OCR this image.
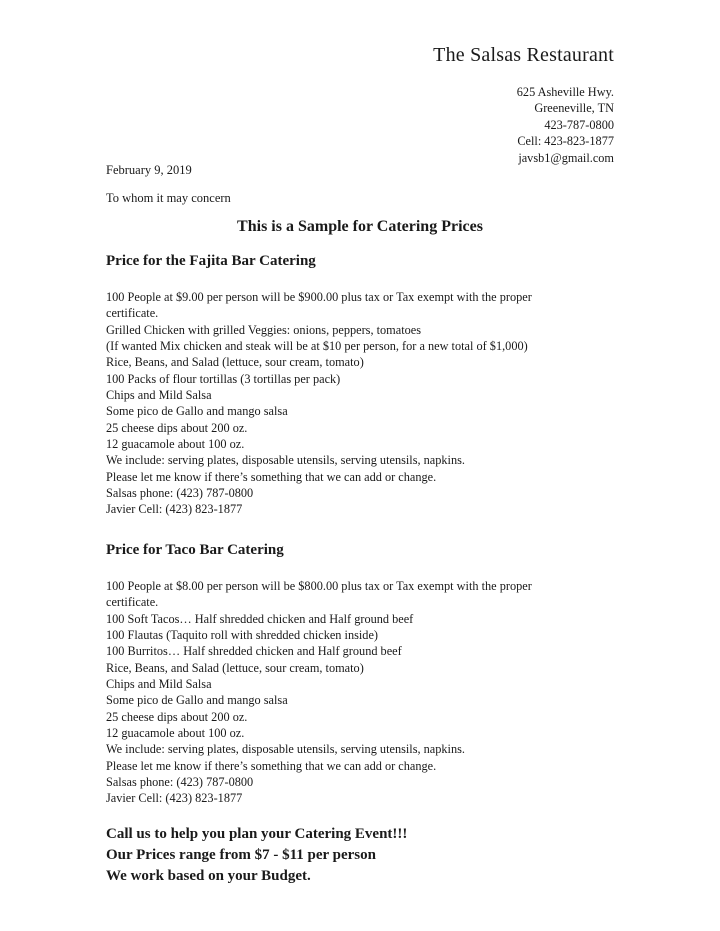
The Salsas Restaurant
625 Asheville Hwy.
Greeneville, TN
423-787-0800
Cell: 423-823-1877
javsb1@gmail.com
February 9, 2019
To whom it may concern
This is a Sample for Catering Prices
Price for the Fajita Bar Catering
100 People at $9.00 per person will be $900.00 plus tax or Tax exempt with the proper
certificate.
Grilled Chicken with grilled Veggies: onions, peppers, tomatoes
(If wanted Mix chicken and steak will be at $10 per person, for a new total of $1,000)
Rice, Beans, and Salad (lettuce, sour cream, tomato)
100 Packs of flour tortillas (3 tortillas per pack)
Chips and Mild Salsa
Some pico de Gallo and mango salsa
25 cheese dips about 200 oz.
12 guacamole about 100 oz.
We include: serving plates, disposable utensils, serving utensils, napkins.
Please let me know if there’s something that we can add or change.
Salsas phone: (423) 787-0800
Javier Cell: (423) 823-1877
Price for Taco Bar Catering
100 People at $8.00 per person will be $800.00 plus tax or Tax exempt with the proper
certificate.
100 Soft Tacos… Half shredded chicken and Half ground beef
100 Flautas (Taquito roll with shredded chicken inside)
100 Burritos… Half shredded chicken and Half ground beef
Rice, Beans, and Salad (lettuce, sour cream, tomato)
Chips and Mild Salsa
Some pico de Gallo and mango salsa
25 cheese dips about 200 oz.
12 guacamole about 100 oz.
We include: serving plates, disposable utensils, serving utensils, napkins.
Please let me know if there’s something that we can add or change.
Salsas phone: (423) 787-0800
Javier Cell: (423) 823-1877
Call us to help you plan your Catering Event!!!
Our Prices range from $7 - $11 per person
We work based on your Budget.
